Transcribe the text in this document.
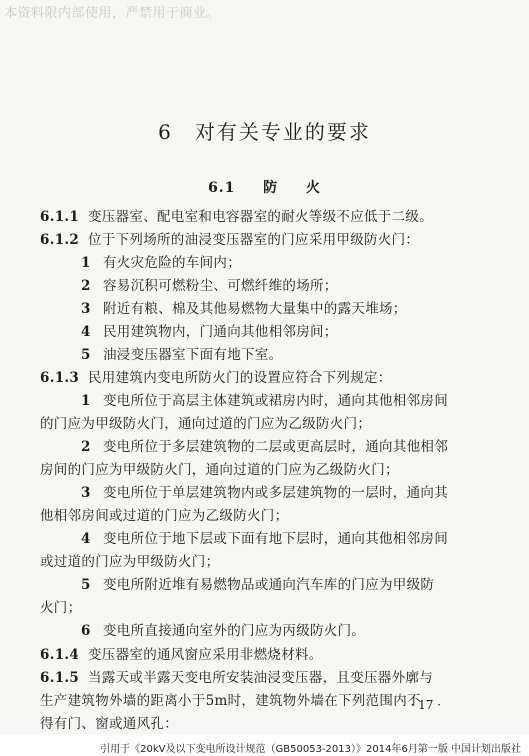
本资料限内部使用，严禁用于商业。
6　对有关专业的要求
6.1 防 火
6.1.1 变压器室、配电室和电容器室的耐火等级不应低于二级。
6.1.2 位于下列场所的油浸变压器室的门应采用甲级防火门：
1 有火灾危险的车间内；
2 容易沉积可燃粉尘、可燃纤维的场所；
3 附近有粮、棉及其他易燃物大量集中的露天堆场；
4 民用建筑物内，门通向其他相邻房间；
5 油浸变压器室下面有地下室。
6.1.3 民用建筑内变电所防火门的设置应符合下列规定：
1 变电所位于高层主体建筑或裙房内时，通向其他相邻房间
的门应为甲级防火门，通向过道的门应为乙级防火门；
2 变电所位于多层建筑物的二层或更高层时，通向其他相邻
房间的门应为甲级防火门，通向过道的门应为乙级防火门；
3 变电所位于单层建筑物内或多层建筑物的一层时，通向其
他相邻房间或过道的门应为乙级防火门；
4 变电所位于地下层或下面有地下层时，通向其他相邻房间
或过道的门应为甲级防火门；
5 变电所附近堆有易燃物品或通向汽车库的门应为甲级防
火门；
6 变电所直接通向室外的门应为丙级防火门。
6.1.4 变压器室的通风窗应采用非燃烧材料。
6.1.5 当露天或半露天变电所安装油浸变压器，且变压器外廓与
生产建筑物外墙的距离小于5m时，建筑物外墙在下列范围内不
得有门、窗或通风孔：
· 17 ·
引用于《20kV及以下变电所设计规范（GB50053-2013）》2014年6月第一版 中国计划出版社
